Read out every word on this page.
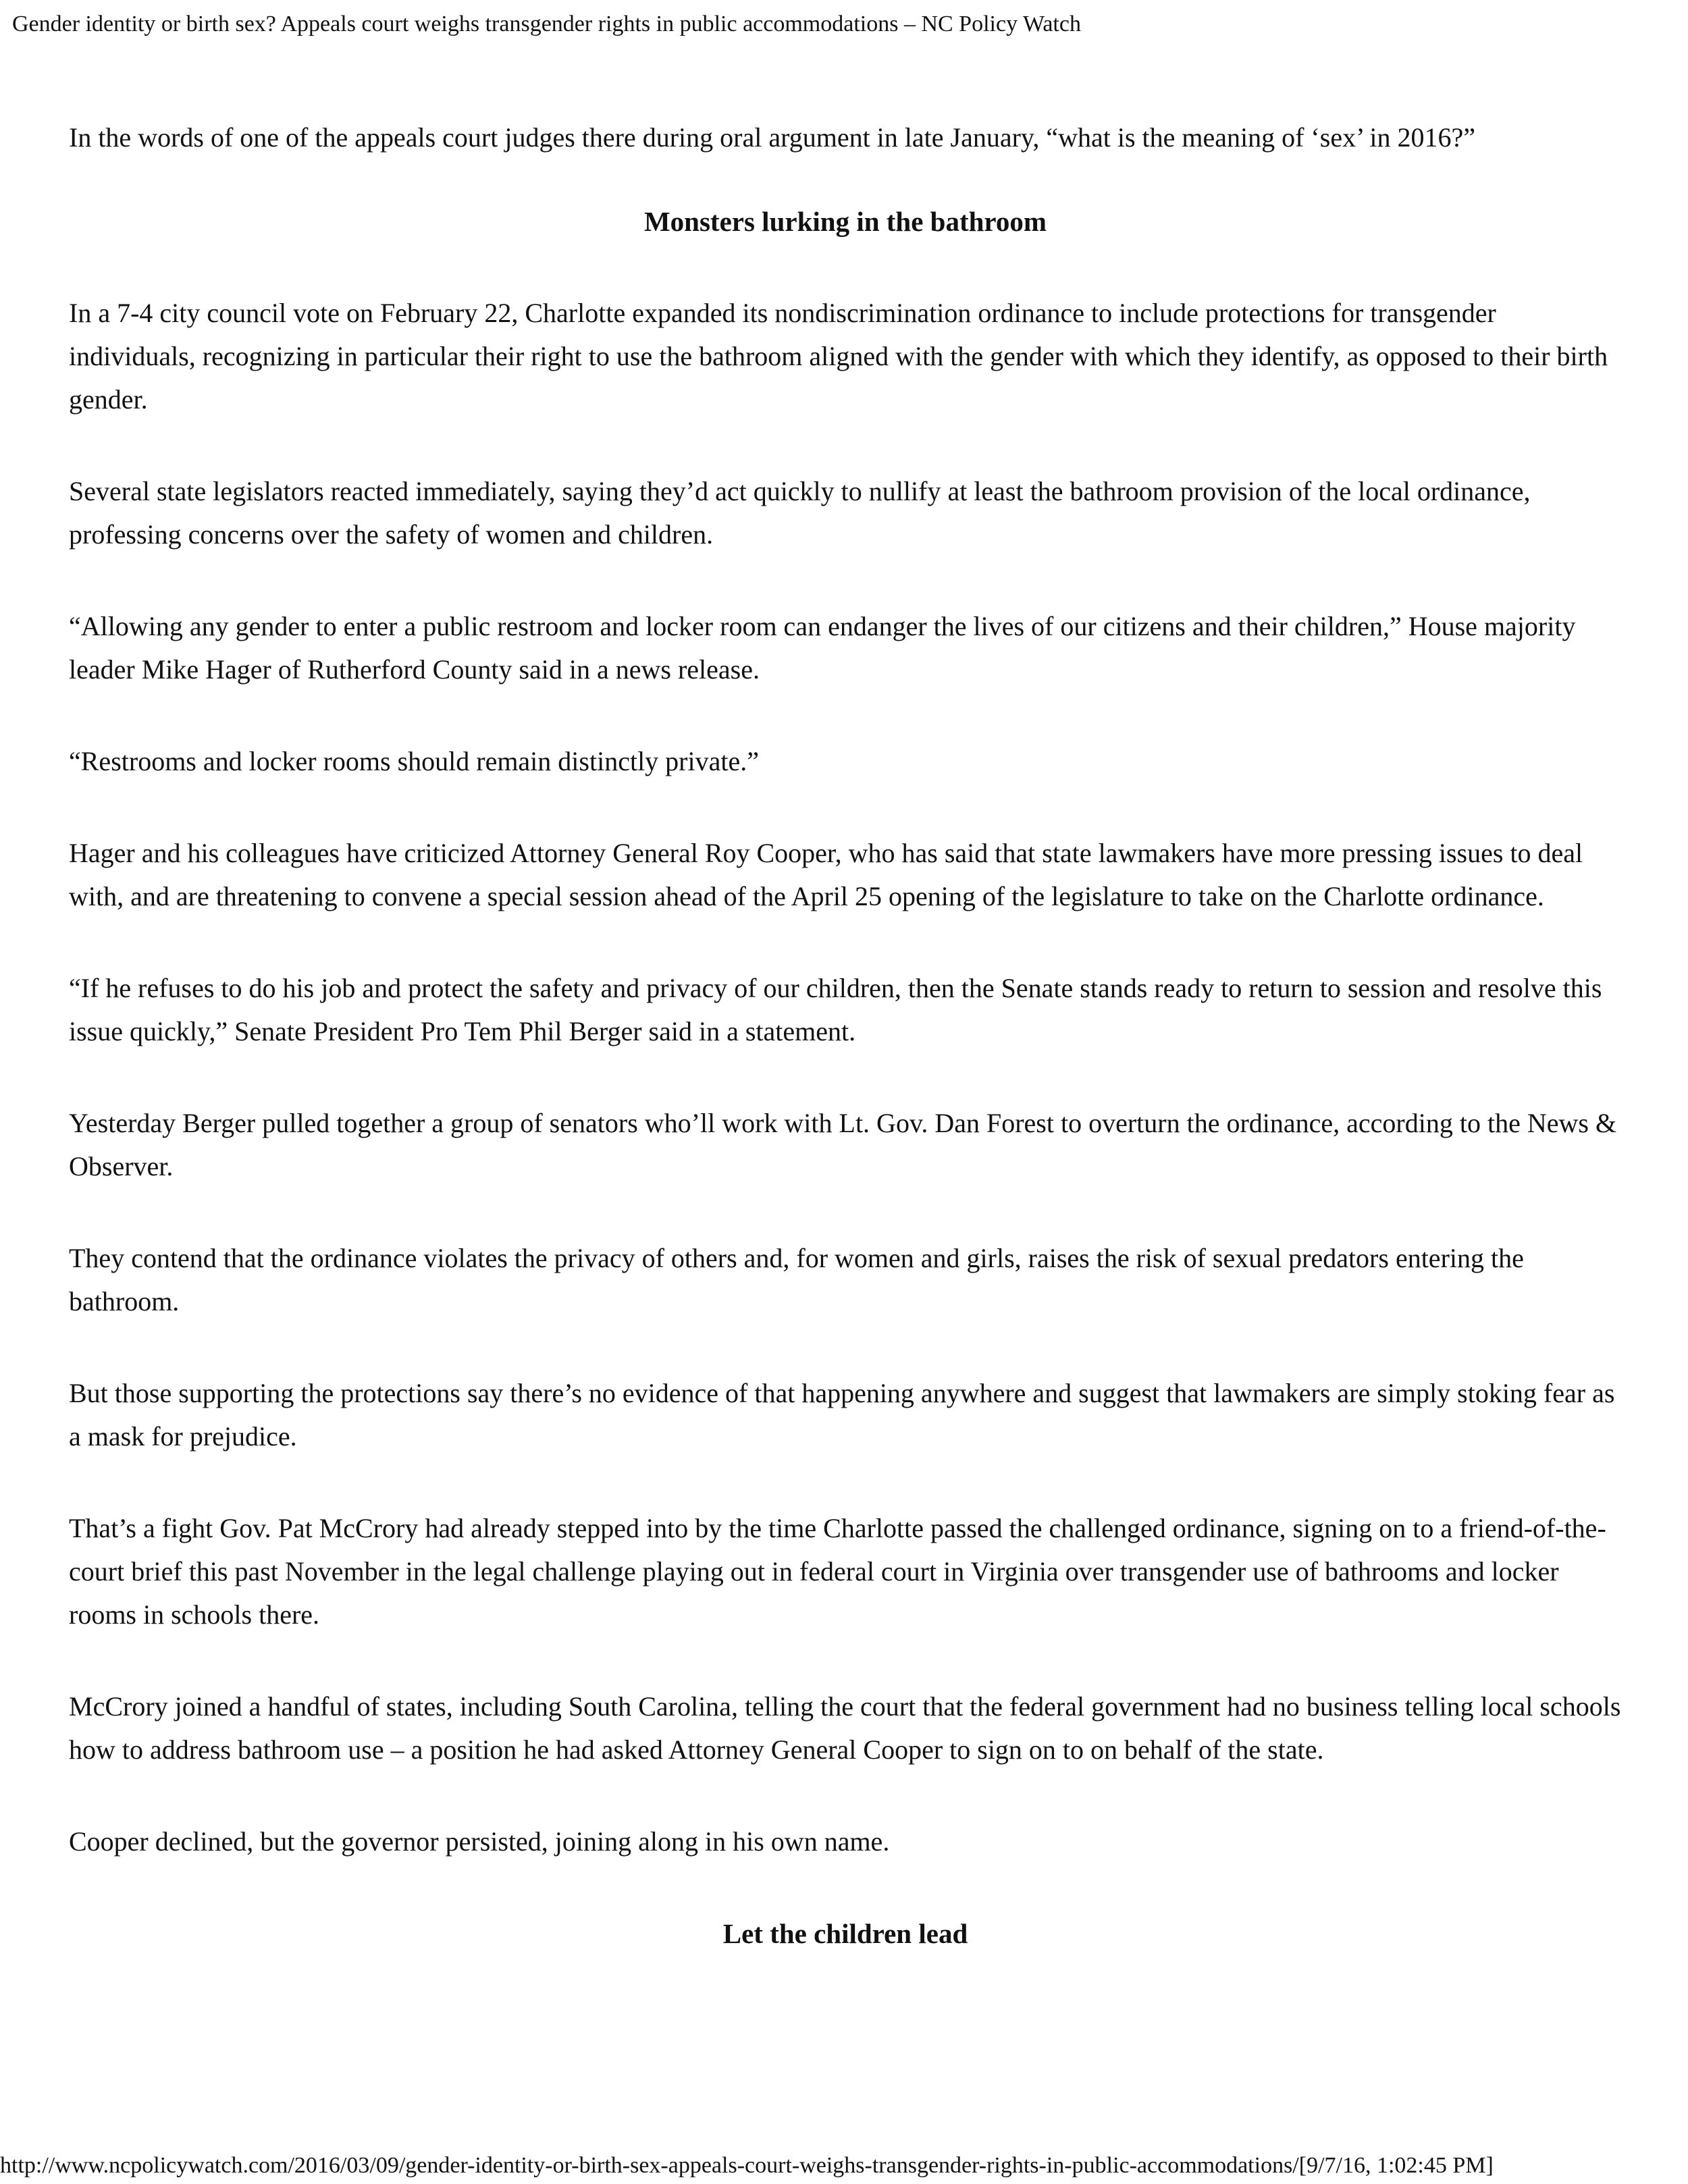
Gender identity or birth sex? Appeals court weighs transgender rights in public accommodations – NC Policy Watch

In the words of one of the appeals court judges there during oral argument in late January, “what is the meaning of ‘sex’ in 2016?”

Monsters lurking in the bathroom

In a 7-4 city council vote on February 22, Charlotte expanded its nondiscrimination ordinance to include protections for transgender individuals, recognizing in particular their right to use the bathroom aligned with the gender with which they identify, as opposed to their birth gender.

Several state legislators reacted immediately, saying they’d act quickly to nullify at least the bathroom provision of the local ordinance, professing concerns over the safety of women and children.

“Allowing any gender to enter a public restroom and locker room can endanger the lives of our citizens and their children,” House majority leader Mike Hager of Rutherford County said in a news release.

“Restrooms and locker rooms should remain distinctly private.”

Hager and his colleagues have criticized Attorney General Roy Cooper, who has said that state lawmakers have more pressing issues to deal with, and are threatening to convene a special session ahead of the April 25 opening of the legislature to take on the Charlotte ordinance.

“If he refuses to do his job and protect the safety and privacy of our children, then the Senate stands ready to return to session and resolve this issue quickly,” Senate President Pro Tem Phil Berger said in a statement.

Yesterday Berger pulled together a group of senators who’ll work with Lt. Gov. Dan Forest to overturn the ordinance, according to the News & Observer.

They contend that the ordinance violates the privacy of others and, for women and girls, raises the risk of sexual predators entering the bathroom.

But those supporting the protections say there’s no evidence of that happening anywhere and suggest that lawmakers are simply stoking fear as a mask for prejudice.

That’s a fight Gov. Pat McCrory had already stepped into by the time Charlotte passed the challenged ordinance, signing on to a friend-of-the-court brief this past November in the legal challenge playing out in federal court in Virginia over transgender use of bathrooms and locker rooms in schools there.

McCrory joined a handful of states, including South Carolina, telling the court that the federal government had no business telling local schools how to address bathroom use – a position he had asked Attorney General Cooper to sign on to on behalf of the state.

Cooper declined, but the governor persisted, joining along in his own name.

Let the children lead
http://www.ncpolicywatch.com/2016/03/09/gender-identity-or-birth-sex-appeals-court-weighs-transgender-rights-in-public-accommodations/[9/7/16, 1:02:45 PM]
